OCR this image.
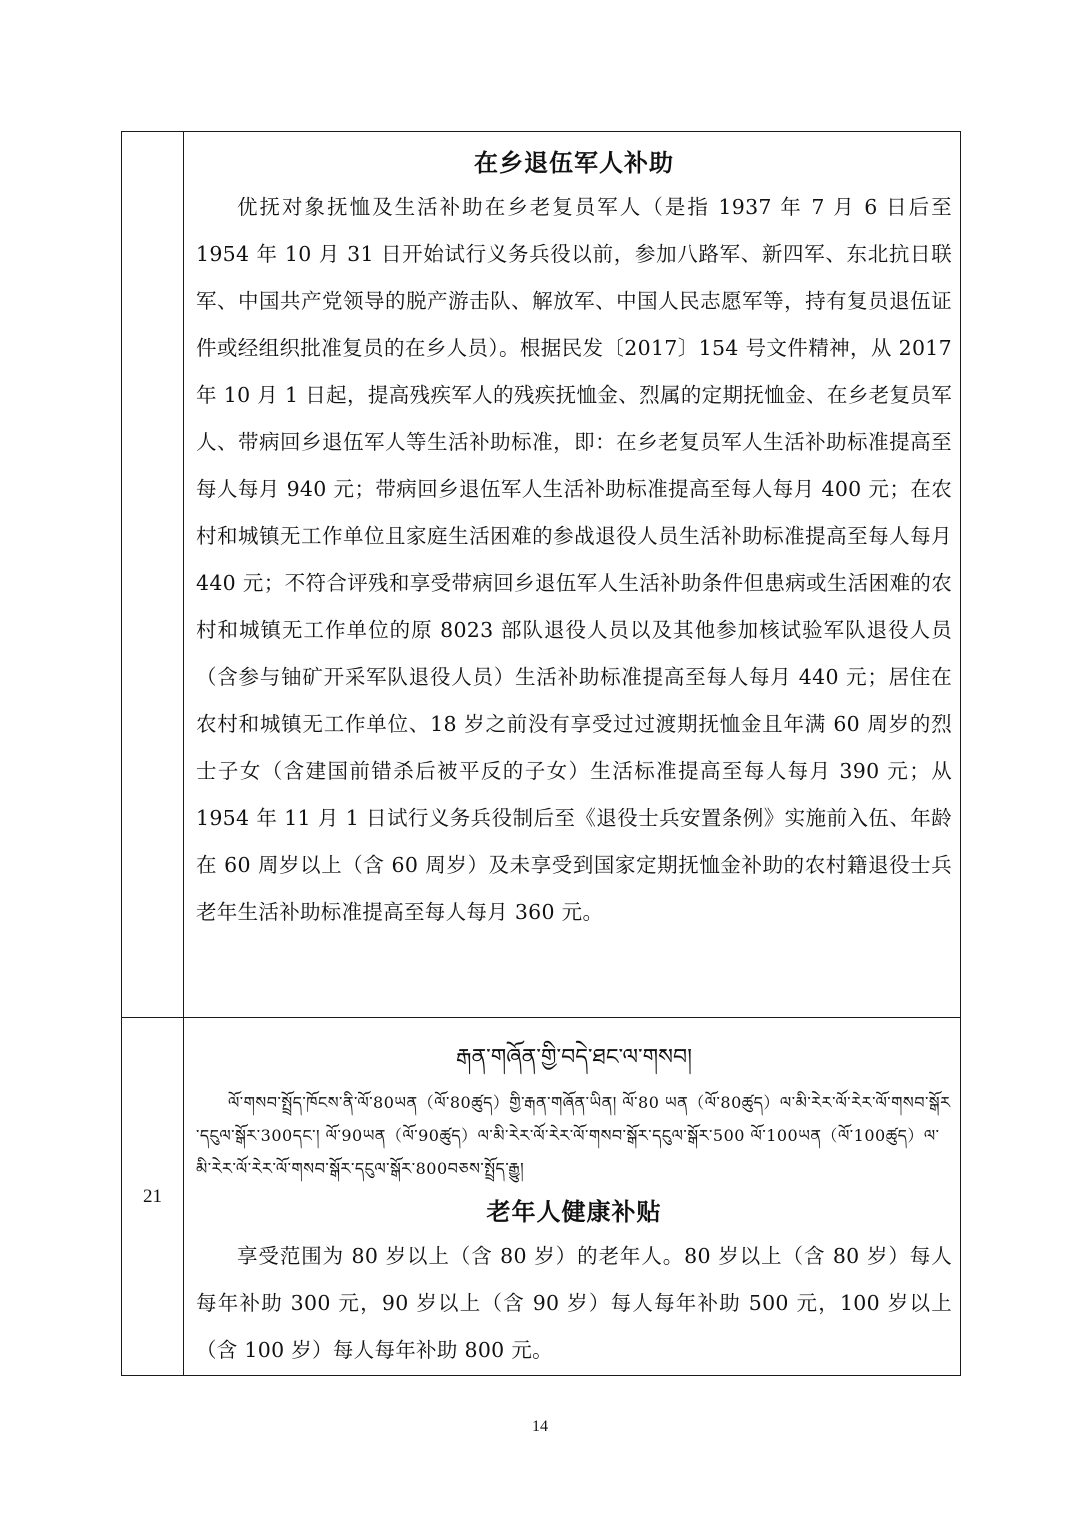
	在乡退伍军人补助

优抚对象抚恤及生活补助在乡老复员军人（是指 1937 年 7 月 6 日后至 1954 年 10 月 31 日开始试行义务兵役以前，参加八路军、新四军、东北抗日联军、中国共产党领导的脱产游击队、解放军、中国人民志愿军等，持有复员退伍证件或经组织批准复员的在乡人员）。根据民发〔2017〕154 号文件精神，从 2017 年 10 月 1 日起，提高残疾军人的残疾抚恤金、烈属的定期抚恤金、在乡老复员军人、带病回乡退伍军人等生活补助标准，即：在乡老复员军人生活补助标准提高至每人每月 940 元；带病回乡退伍军人生活补助标准提高至每人每月 400 元；在农村和城镇无工作单位且家庭生活困难的参战退役人员生活补助标准提高至每人每月 440 元；不符合评残和享受带病回乡退伍军人生活补助条件但患病或生活困难的农村和城镇无工作单位的原 8023 部队退役人员以及其他参加核试验军队退役人员（含参与铀矿开采军队退役人员）生活补助标准提高至每人每月 440 元；居住在农村和城镇无工作单位、18 岁之前没有享受过过渡期抚恤金且年满 60 周岁的烈士子女（含建国前错杀后被平反的子女）生活标准提高至每人每月 390 元；从 1954 年 11 月 1 日试行义务兵役制后至《退役士兵安置条例》实施前入伍、年龄在 60 周岁以上（含 60 周岁）及未享受到国家定期抚恤金补助的农村籍退役士兵老年生活补助标准提高至每人每月 360 元。

21	རྒན་གཞོན་གྱི་བདེ་ཐང་ལ་གསབ།

ལོ་གསབ་སྤྲོད་ཁོངས་ནི་ལོ་80ཡན（ལོ་80ཚུད）གྱི་རྒན་གཞོན་ཡིན། ལོ་80 ཡན（ལོ་80ཚུད）ལ་མི་རེར་ལོ་རེར་ལོ་གསབ་སྒོར་དངུལ་སྒོར་300དང་། ལོ་90ཡན（ལོ་90ཚུད）ལ་མི་རེར་ལོ་རེར་ལོ་གསབ་སྒོར་དངུལ་སྒོར་500 ལོ་100ཡན（ལོ་100ཚུད）ལ་མི་རེར་ལོ་རེར་ལོ་གསབ་སྒོར་དངུལ་སྒོར་800བཅས་སྤྲོད་རྒྱུ།

老年人健康补贴

享受范围为 80 岁以上（含 80 岁）的老年人。80 岁以上（含 80 岁）每人每年补助 300 元，90 岁以上（含 90 岁）每人每年补助 500 元，100 岁以上（含 100 岁）每人每年补助 800 元。

14
